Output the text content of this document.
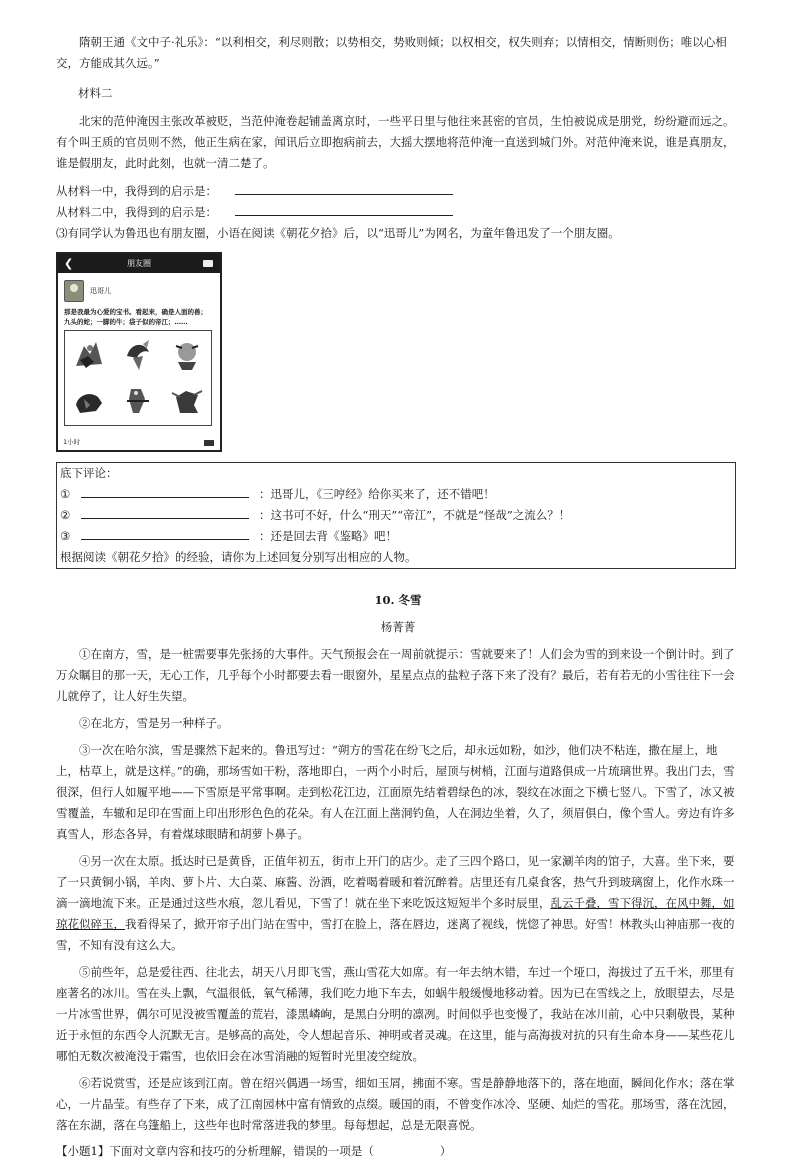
隋朝王通《文中子·礼乐》：“以利相交，利尽则散；以势相交，势败则倾；以权相交，权失则弃；以情相交，情断则伤；唯以心相交，方能成其久远。”

材料二

北宋的范仲淹因主张改革被贬，当范仲淹卷起铺盖离京时，一些平日里与他往来甚密的官员，生怕被说成是朋党，纷纷避而远之。有个叫王质的官员则不然，他正生病在家，闻讯后立即抱病前去，大摇大摆地将范仲淹一直送到城门外。对范仲淹来说，谁是真朋友，谁是假朋友，此时此刻，也就一清二楚了。

从材料一中，我得到的启示是：
从材料二中，我得到的启示是：

⑶有同学认为鲁迅也有朋友圈，小语在阅读《朝花夕拾》后，以“迅哥儿”为网名，为童年鲁迅发了一个朋友圈。

❮	朋友圈
迅哥儿
那是我最为心爱的宝书。看起来，确是人面的兽；
九头的蛇；一脚的牛；袋子似的帝江；……
1小时
底下评论：
①	：迅哥儿，《三哼经》给你买来了，还不错吧！
②	：这书可不好，什么“刑天”“帝江”，不就是“怪哉”之流么？！
③	：还是回去背《鉴略》吧！
根据阅读《朝花夕拾》的经验，请你为上述回复分别写出相应的人物。

10. 冬雪

杨菁菁

①在南方，雪，是一桩需要事先张扬的大事件。天气预报会在一周前就提示：雪就要来了！人们会为雪的到来设一个倒计时。到了万众瞩目的那一天，无心工作，几乎每个小时都要去看一眼窗外，星星点点的盐粒子落下来了没有？最后，若有若无的小雪往往下一会儿就停了，让人好生失望。

②在北方，雪是另一种样子。

③一次在哈尔滨，雪是骤然下起来的。鲁迅写过：“朔方的雪花在纷飞之后，却永远如粉，如沙，他们决不粘连，撒在屋上，地上，枯草上，就是这样。”的确，那场雪如干粉，落地即白，一两个小时后，屋顶与树梢，江面与道路俱成一片琉璃世界。我出门去，雪很深，但行人如履平地——下雪原是平常事啊。走到松花江边，江面原先结着碧绿色的冰，裂纹在冰面之下横七竖八。下雪了，冰又被雪覆盖，车辙和足印在雪面上印出形形色色的花朵。有人在江面上凿洞钓鱼，人在洞边坐着，久了，须眉俱白，像个雪人。旁边有许多真雪人，形态各异，有着煤球眼睛和胡萝卜鼻子。

④另一次在太原。抵达时已是黄昏，正值年初五，街市上开门的店少。走了三四个路口，见一家涮羊肉的馆子，大喜。坐下来，要了一只黄铜小锅，羊肉、萝卜片、大白菜、麻酱、汾酒，吃着喝着暖和着沉醉着。店里还有几桌食客，热气升到玻璃窗上，化作水珠一滴一滴地流下来。正是通过这些水痕，忽儿看见，下雪了！就在坐下来吃饭这短短半个多时辰里，乱云千叠，雪下得沉，在风中舞，如琼花似碎玉，我看得呆了，掀开帘子出门站在雪中，雪打在脸上，落在唇边，迷离了视线，恍惚了神思。好雪！林教头山神庙那一夜的雪，不知有没有这么大。

⑤前些年，总是爱往西、往北去，胡天八月即飞雪，燕山雪花大如席。有一年去纳木错，车过一个垭口，海拔过了五千米，那里有座著名的冰川。雪在头上飘，气温很低，氧气稀薄，我们吃力地下车去，如蜗牛般缓慢地移动着。因为已在雪线之上，放眼望去，尽是一片冰雪世界，偶尔可见没被雪覆盖的荒岩，漆黑嶙峋，是黑白分明的凛冽。时间似乎也变慢了，我站在冰川前，心中只剩敬畏，某种近于永恒的东西令人沉默无言。是够高的高处，令人想起音乐、神明或者灵魂。在这里，能与高海拔对抗的只有生命本身——某些花儿哪怕无数次被淹没于霜雪，也依旧会在冰雪消融的短暂时光里凌空绽放。

⑥若说赏雪，还是应该到江南。曾在绍兴偶遇一场雪，细如玉屑，拂面不寒。雪是静静地落下的，落在地面，瞬间化作水；落在掌心，一片晶莹。有些存了下来，成了江南园林中富有情致的点缀。暖国的雨，不曾变作冰冷、坚硬、灿烂的雪花。那场雪，落在沈园，落在东湖，落在乌篷船上，这些年也时常落进我的梦里。每每想起，总是无限喜悦。

【小题1】下面对文章内容和技巧的分析理解，错误的一项是（	）
